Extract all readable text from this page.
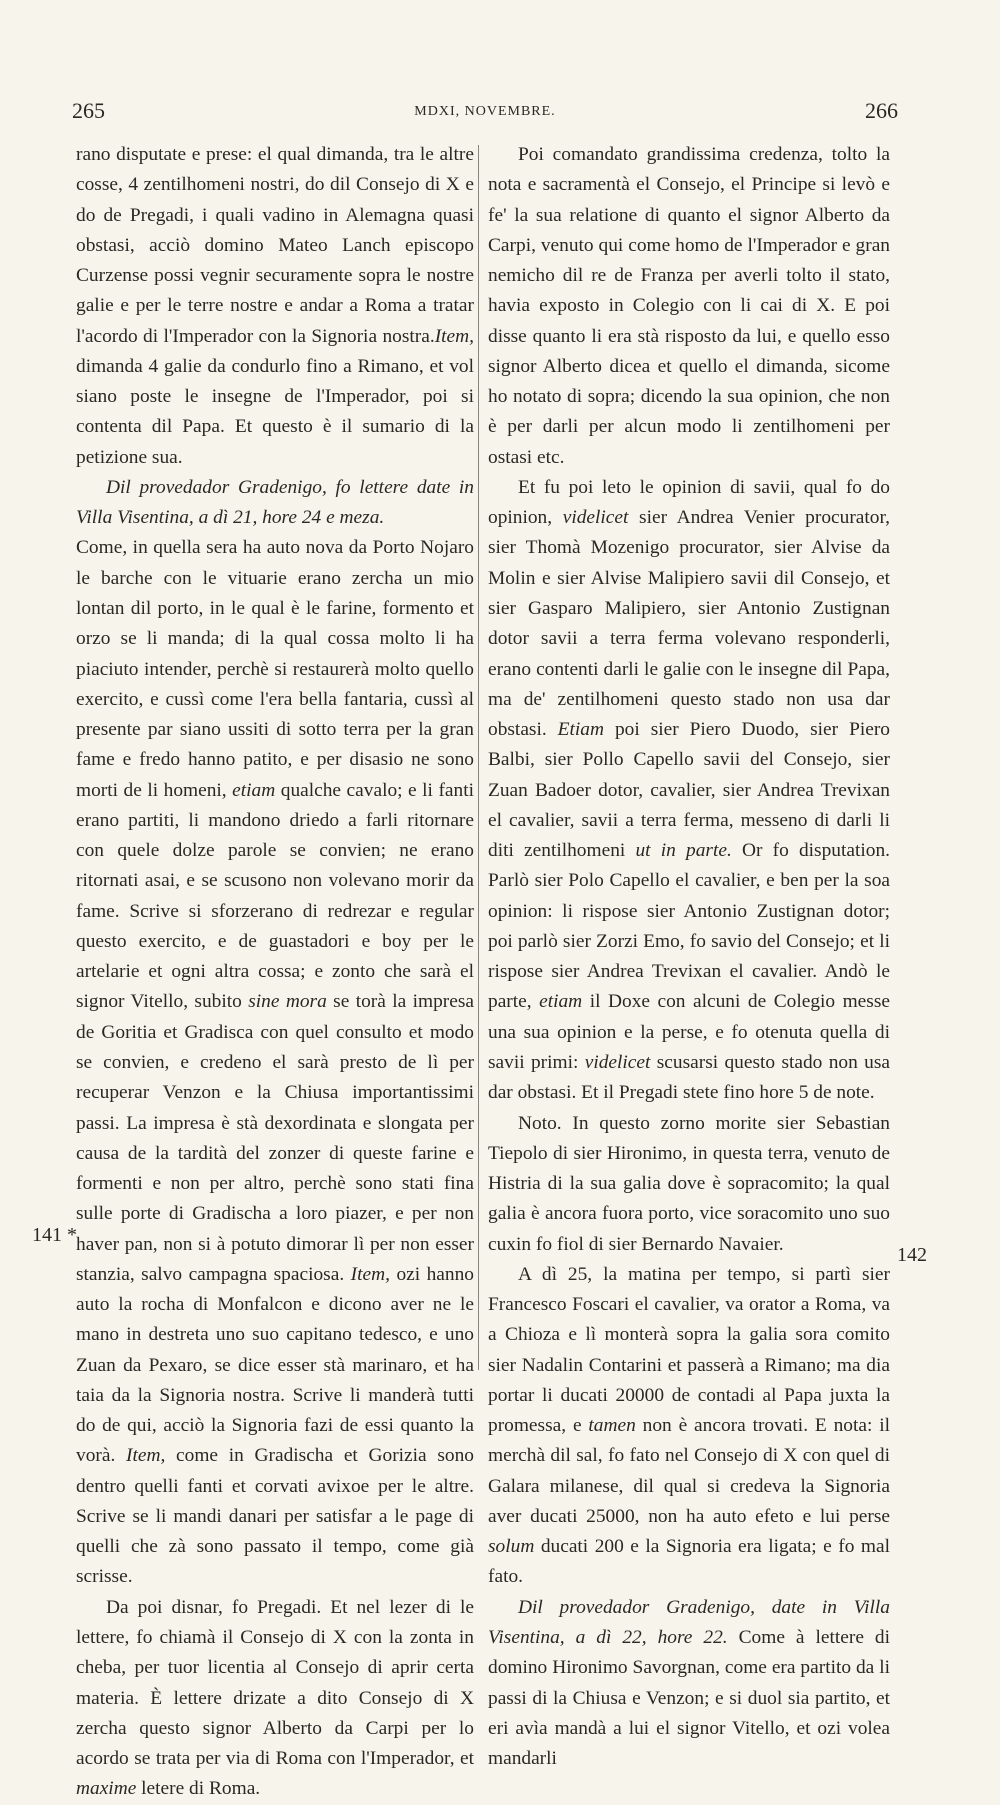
265	MDXI, NOVEMBRE.	266

rano disputate e prese: el qual dimanda, tra le altre cosse, 4 zentilhomeni nostri, do dil Consejo di X e do de Pregadi, i quali vadino in Alemagna quasi obstasi, acciò domino Mateo Lanch episcopo Curzense possi vegnir securamente sopra le nostre galie e per le terre nostre e andar a Roma a tratar l'acordo di l'Imperador con la Signoria nostra.Item, dimanda 4 galie da condurlo fino a Rimano, et vol siano poste le insegne de l'Imperador, poi si contenta dil Papa. Et questo è il sumario di la petizione sua.

Dil provedador Gradenigo, fo lettere date in Villa Visentina, a dì 21, hore 24 e meza.

Come, in quella sera ha auto nova da Porto Nojaro le barche con le vituarie erano zercha un mio lontan dil porto, in le qual è le farine, formento et orzo se li manda; di la qual cossa molto li ha piaciuto intender, perchè si restaurerà molto quello exercito, e cussì come l'era bella fantaria, cussì al presente par siano ussiti di sotto terra per la gran fame e fredo hanno patito, e per disasio ne sono morti de li homeni, etiam qualche cavalo; e li fanti erano partiti, li mandono driedo a farli ritornare con quele dolze parole se convien; ne erano ritornati asai, e se scusono non volevano morir da fame. Scrive si sforzerano di redrezar e regular questo exercito, e de guastadori e boy per le artelarie et ogni altra cossa; e zonto che sarà el signor Vitello, subito sine mora se torà la impresa de Goritia et Gradisca con quel consulto et modo se convien, e credeno el sarà presto de lì per recuperar Venzon e la Chiusa importantissimi passi. La impresa è stà dexordinata e slongata per causa de la tardità del zonzer di queste farine e formenti e non per altro, perchè sono stati fina sulle porte di Gradischa a loro piazer, e per non haver pan, non si à potuto dimorar lì per non esser stanzia, salvo campagna spaciosa. Item, ozi hanno auto la rocha di Monfalcon e dicono aver ne le mano in destreta uno suo capitano tedesco, e uno Zuan da Pexaro, se dice esser stà marinaro, et ha taia da la Signoria nostra. Scrive li manderà tutti do de qui, acciò la Signoria fazi de essi quanto la vorà. Item, come in Gradischa et Gorizia sono dentro quelli fanti et corvati avixoe per le altre. Scrive se li mandi danari per satisfar a le page di quelli che zà sono passato il tempo, come già scrisse.

Da poi disnar, fo Pregadi. Et nel lezer di le lettere, fo chiamà il Consejo di X con la zonta in cheba, per tuor licentia al Consejo di aprir certa materia. È lettere drizate a dito Consejo di X zercha questo signor Alberto da Carpi per lo acordo se trata per via di Roma con l'Imperador, et maxime letere di Roma.

Poi comandato grandissima credenza, tolto la nota e sacramentà el Consejo, el Principe si levò e fe' la sua relatione di quanto el signor Alberto da Carpi, venuto qui come homo de l'Imperador e gran nemicho dil re de Franza per averli tolto il stato, havia exposto in Colegio con li cai di X. E poi disse quanto li era stà risposto da lui, e quello esso signor Alberto dicea et quello el dimanda, sicome ho notato di sopra; dicendo la sua opinion, che non è per darli per alcun modo li zentilhomeni per ostasi etc.

Et fu poi leto le opinion di savii, qual fo do opinion, videlicet sier Andrea Venier procurator, sier Thomà Mozenigo procurator, sier Alvise da Molin e sier Alvise Malipiero savii dil Consejo, et sier Gasparo Malipiero, sier Antonio Zustignan dotor savii a terra ferma volevano responderli, erano contenti darli le galie con le insegne dil Papa, ma de' zentilhomeni questo stado non usa dar obstasi. Etiam poi sier Piero Duodo, sier Piero Balbi, sier Pollo Capello savii del Consejo, sier Zuan Badoer dotor, cavalier, sier Andrea Trevixan el cavalier, savii a terra ferma, messeno di darli li diti zentilhomeni ut in parte. Or fo disputation. Parlò sier Polo Capello el cavalier, e ben per la soa opinion: li rispose sier Antonio Zustignan dotor; poi parlò sier Zorzi Emo, fo savio del Consejo; et li rispose sier Andrea Trevixan el cavalier. Andò le parte, etiam il Doxe con alcuni de Colegio messe una sua opinion e la perse, e fo otenuta quella di savii primi: videlicet scusarsi questo stado non usa dar obstasi. Et il Pregadi stete fino hore 5 de note.

Noto. In questo zorno morite sier Sebastian Tiepolo di sier Hironimo, in questa terra, venuto de Histria di la sua galia dove è sopracomito; la qual galia è ancora fuora porto, vice soracomito uno suo cuxin fo fiol di sier Bernardo Navaier.

A dì 25, la matina per tempo, si partì sier Francesco Foscari el cavalier, va orator a Roma, va a Chioza e lì monterà sopra la galia sora comito sier Nadalin Contarini et passerà a Rimano; ma dia portar li ducati 20000 de contadi al Papa juxta la promessa, e tamen non è ancora trovati. E nota: il merchà dil sal, fo fato nel Consejo di X con quel di Galara milanese, dil qual si credeva la Signoria aver ducati 25000, non ha auto efeto e lui perse solum ducati 200 e la Signoria era ligata; e fo mal fato.

Dil provedador Gradenigo, date in Villa Visentina, a dì 22, hore 22. Come à lettere di domino Hironimo Savorgnan, come era partito da li passi di la Chiusa e Venzon; e si duol sia partito, et eri avìa mandà a lui el signor Vitello, et ozi volea mandarli

141 *
142
